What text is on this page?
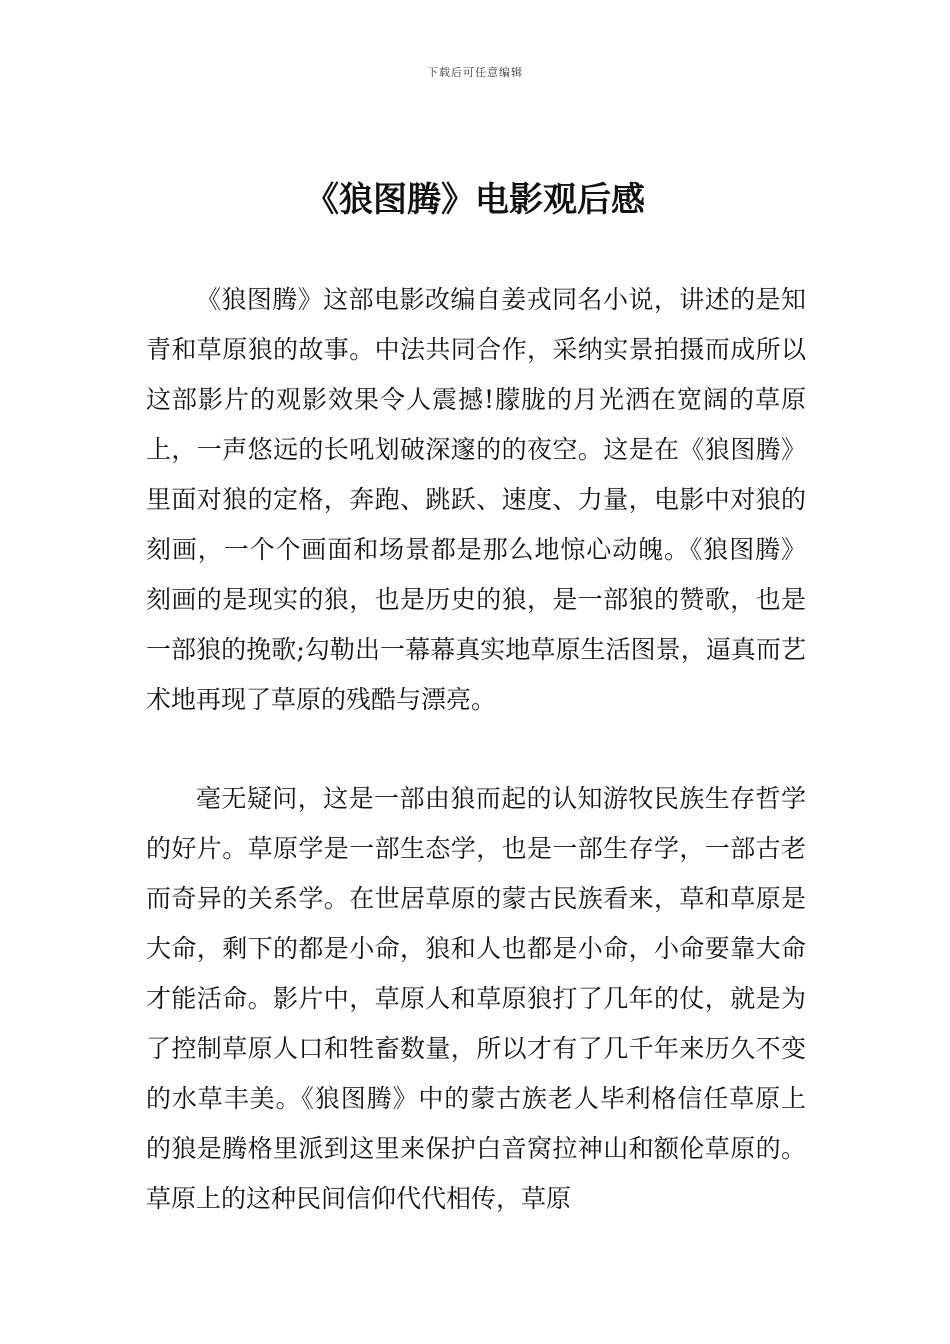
下载后可任意编辑
《狼图腾》电影观后感

《狼图腾》这部电影改编自姜戎同名小说，讲述的是知青和草原狼的故事。中法共同合作，采纳实景拍摄而成所以这部影片的观影效果令人震撼!朦胧的月光洒在宽阔的草原上，一声悠远的长吼划破深邃的的夜空。这是在《狼图腾》里面对狼的定格，奔跑、跳跃、速度、力量，电影中对狼的刻画，一个个画面和场景都是那么地惊心动魄。《狼图腾》刻画的是现实的狼，也是历史的狼，是一部狼的赞歌，也是一部狼的挽歌;勾勒出一幕幕真实地草原生活图景，逼真而艺术地再现了草原的残酷与漂亮。

毫无疑问，这是一部由狼而起的认知游牧民族生存哲学的好片。草原学是一部生态学，也是一部生存学，一部古老而奇异的关系学。在世居草原的蒙古民族看来，草和草原是大命，剩下的都是小命，狼和人也都是小命，小命要靠大命才能活命。影片中，草原人和草原狼打了几年的仗，就是为了控制草原人口和牲畜数量，所以才有了几千年来历久不变的水草丰美。《狼图腾》中的蒙古族老人毕利格信任草原上的狼是腾格里派到这里来保护白音窝拉神山和额伦草原的。草原上的这种民间信仰代代相传，草原
